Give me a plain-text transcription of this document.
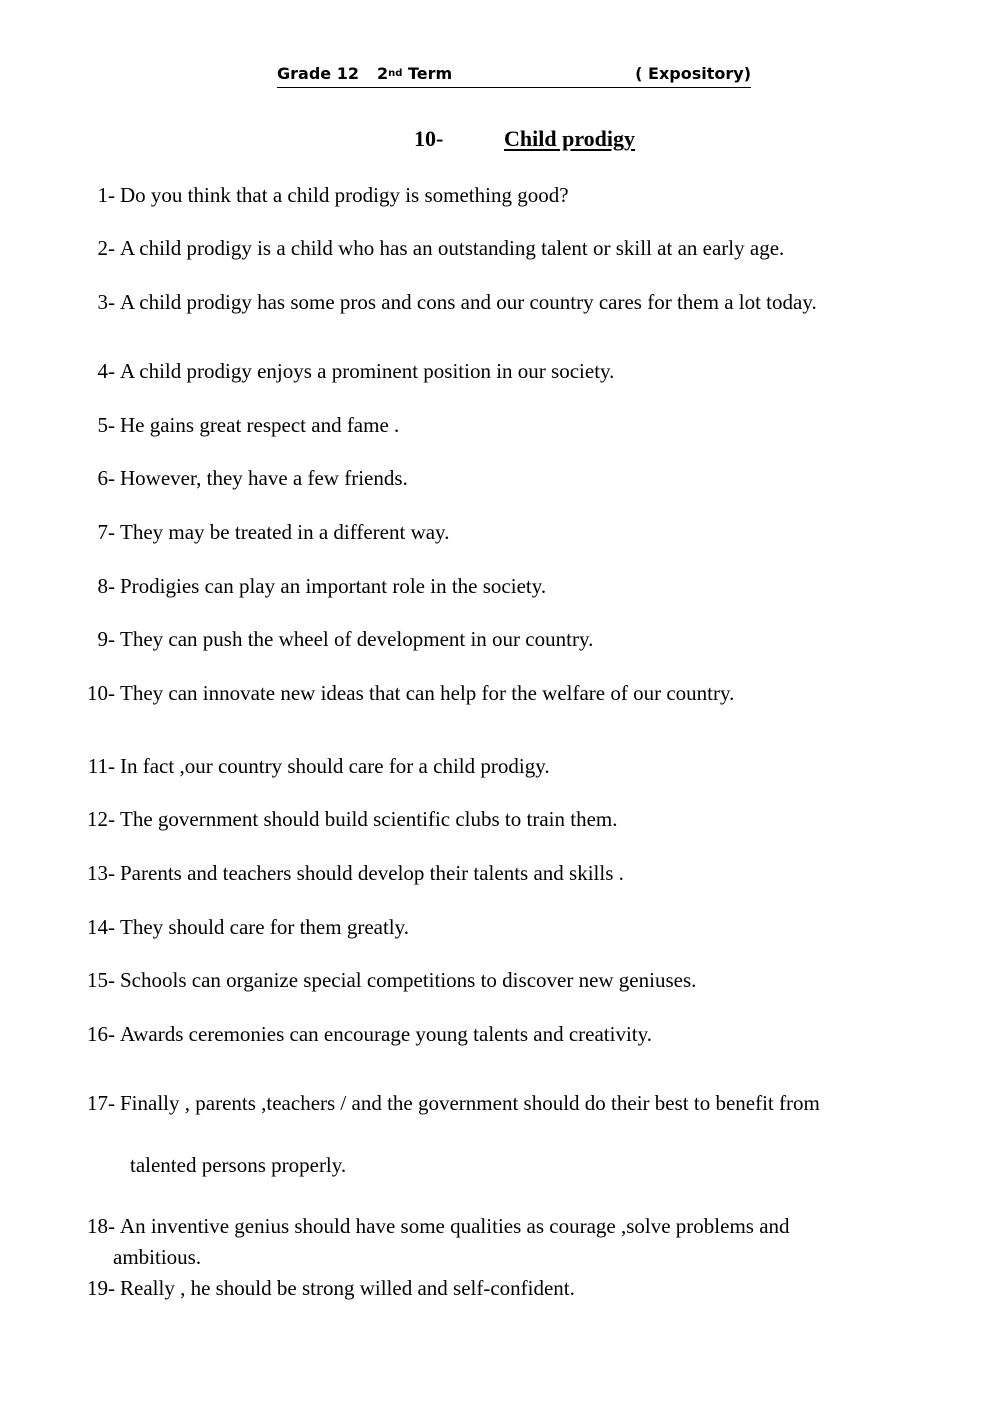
Grade 12 2nd Term	( Expository)
10-	Child prodigy
1- Do you think that a child prodigy is something good?
2- A child prodigy is a child who has an outstanding talent or skill at an early age.
3- A child prodigy has some pros and cons and our country cares for them a lot today.
4- A child prodigy enjoys a prominent position in our society.
5- He gains great respect and fame .
6- However, they have a few friends.
7- They may be treated in a different way.
8- Prodigies can play an important role in the society.
9- They can push the wheel of development in our country.
10- They can innovate new ideas that can help for the welfare of our country.
11- In fact ,our country should care for a child prodigy.
12- The government should build scientific clubs to train them.
13- Parents and teachers should develop their talents and skills .
14- They should care for them greatly.
15- Schools can organize special competitions to discover new geniuses.
16- Awards ceremonies can encourage young talents and creativity.
17- Finally , parents ,teachers / and the government should do their best to benefit from
talented persons properly.
18- An inventive genius should have some qualities as courage ,solve problems and
ambitious.
19- Really , he should be strong willed and self-confident.
